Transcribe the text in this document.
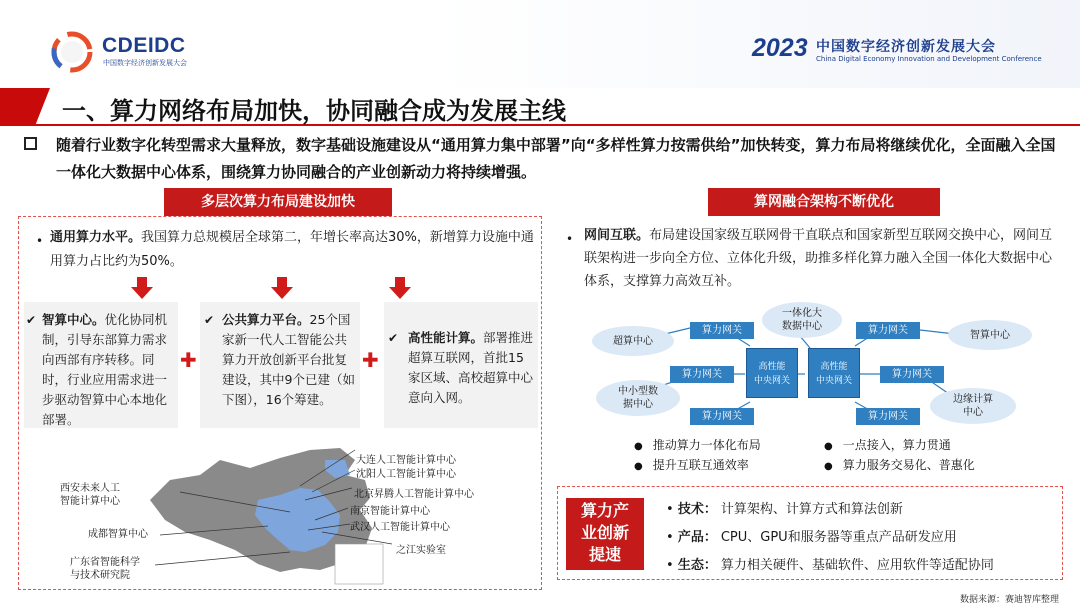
CDEIDC
中国数字经济创新发展大会
2023 中国数字经济创新发展大会
China Digital Economy Innovation and Development Conference
一、算力网络布局加快，协同融合成为发展主线
随着行业数字化转型需求大量释放，数字基础设施建设从“通用算力集中部署”向“多样性算力按需供给”加快转变，算力布局将继续优化，全面融入全国一体化大数据中心体系，围绕算力协同融合的产业创新动力将持续增强。
多层次算力布局建设加快	算网融合架构不断优化
• 通用算力水平。我国算力总规模居全球第二，年增长率高达30%，新增算力设施中通用算力占比约为50%。
✔ 智算中心。优化协同机制，引导东部算力需求向西部有序转移。同时，行业应用需求进一步驱动智算中心本地化部署。
✚
✔ 公共算力平台。25个国家新一代人工智能公共算力开放创新平台批复建设，其中9个已建（如下图），16个筹建。
✚
✔ 高性能计算。部署推进超算互联网，首批15家区域、高校超算中心意向入网。
大连人工智能计算中心
沈阳人工智能计算中心
北京昇腾人工智能计算中心
南京智能计算中心
武汉人工智能计算中心
之江实验室
西安未来人工
智能计算中心
成都智算中心
广东省智能科学
与技术研究院
• 网间互联。布局建设国家级互联网骨干直联点和国家新型互联网交换中心，网间互联架构进一步向全方位、立体化升级，助推多样化算力融入全国一体化大数据中心体系，支撑算力高效互补。
超算中心
一体化大
数据中心
智算中心
中小型数
据中心	边缘计算
中心
算力网关
算力网关
算力网关
算力网关
算力网关
算力网关
高性能
中央网关
高性能
中央网关
● 推动算力一体化布局	● 一点接入，算力贯通
● 提升互联互通效率	● 算力服务交易化、普惠化
算力产
业创新
提速
• 技术： 计算架构、计算方式和算法创新
• 产品： CPU、GPU和服务器等重点产品研发应用
• 生态： 算力相关硬件、基础软件、应用软件等适配协同
数据来源：赛迪智库整理
